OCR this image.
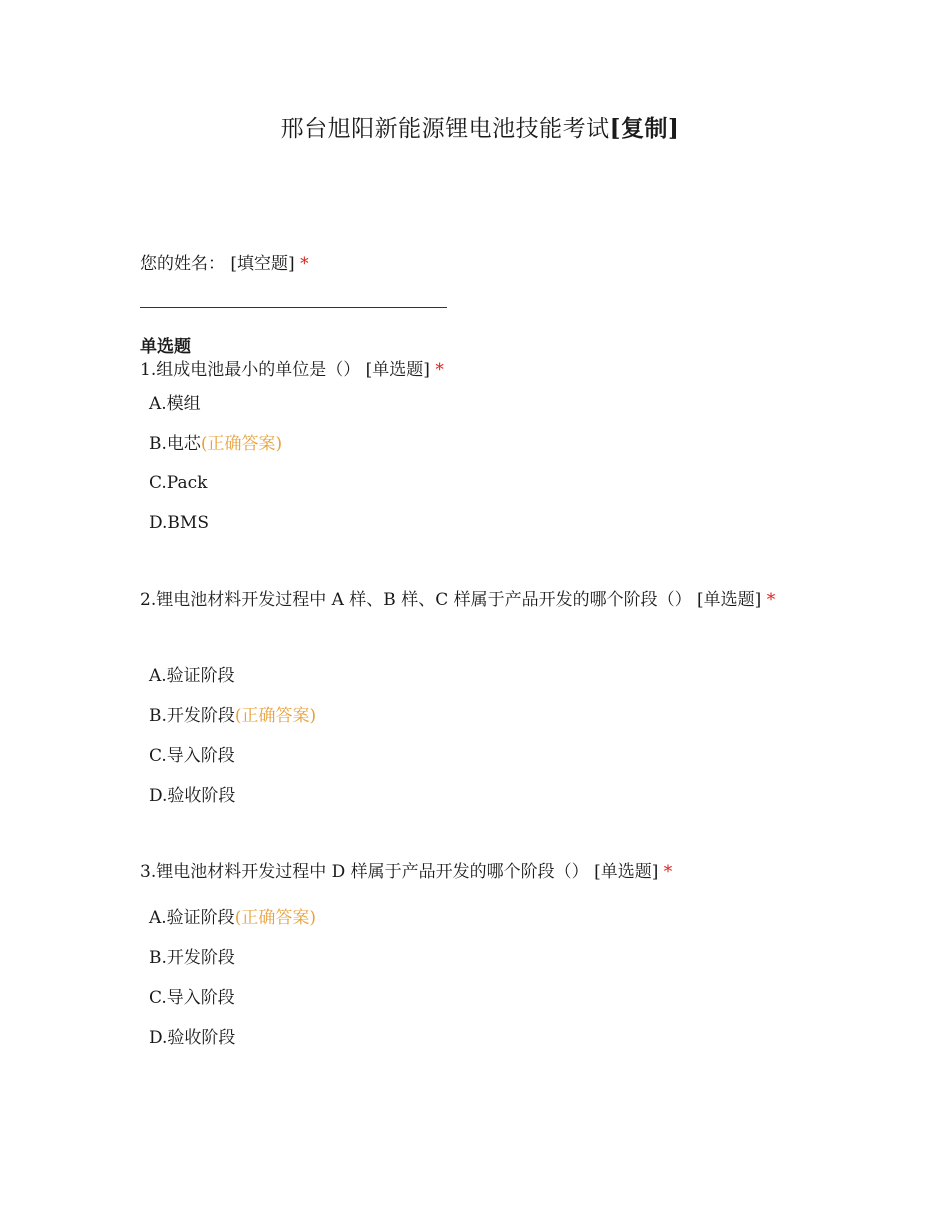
邢台旭阳新能源锂电池技能考试[复制]
您的姓名： [填空题] *
单选题
1.组成电池最小的单位是（） [单选题] *
A.模组
B.电芯(正确答案)
C.Pack
D.BMS
2.锂电池材料开发过程中 A 样、B 样、C 样属于产品开发的哪个阶段（） [单选题] *
A.验证阶段
B.开发阶段(正确答案)
C.导入阶段
D.验收阶段
3.锂电池材料开发过程中 D 样属于产品开发的哪个阶段（） [单选题] *
A.验证阶段(正确答案)
B.开发阶段
C.导入阶段
D.验收阶段
